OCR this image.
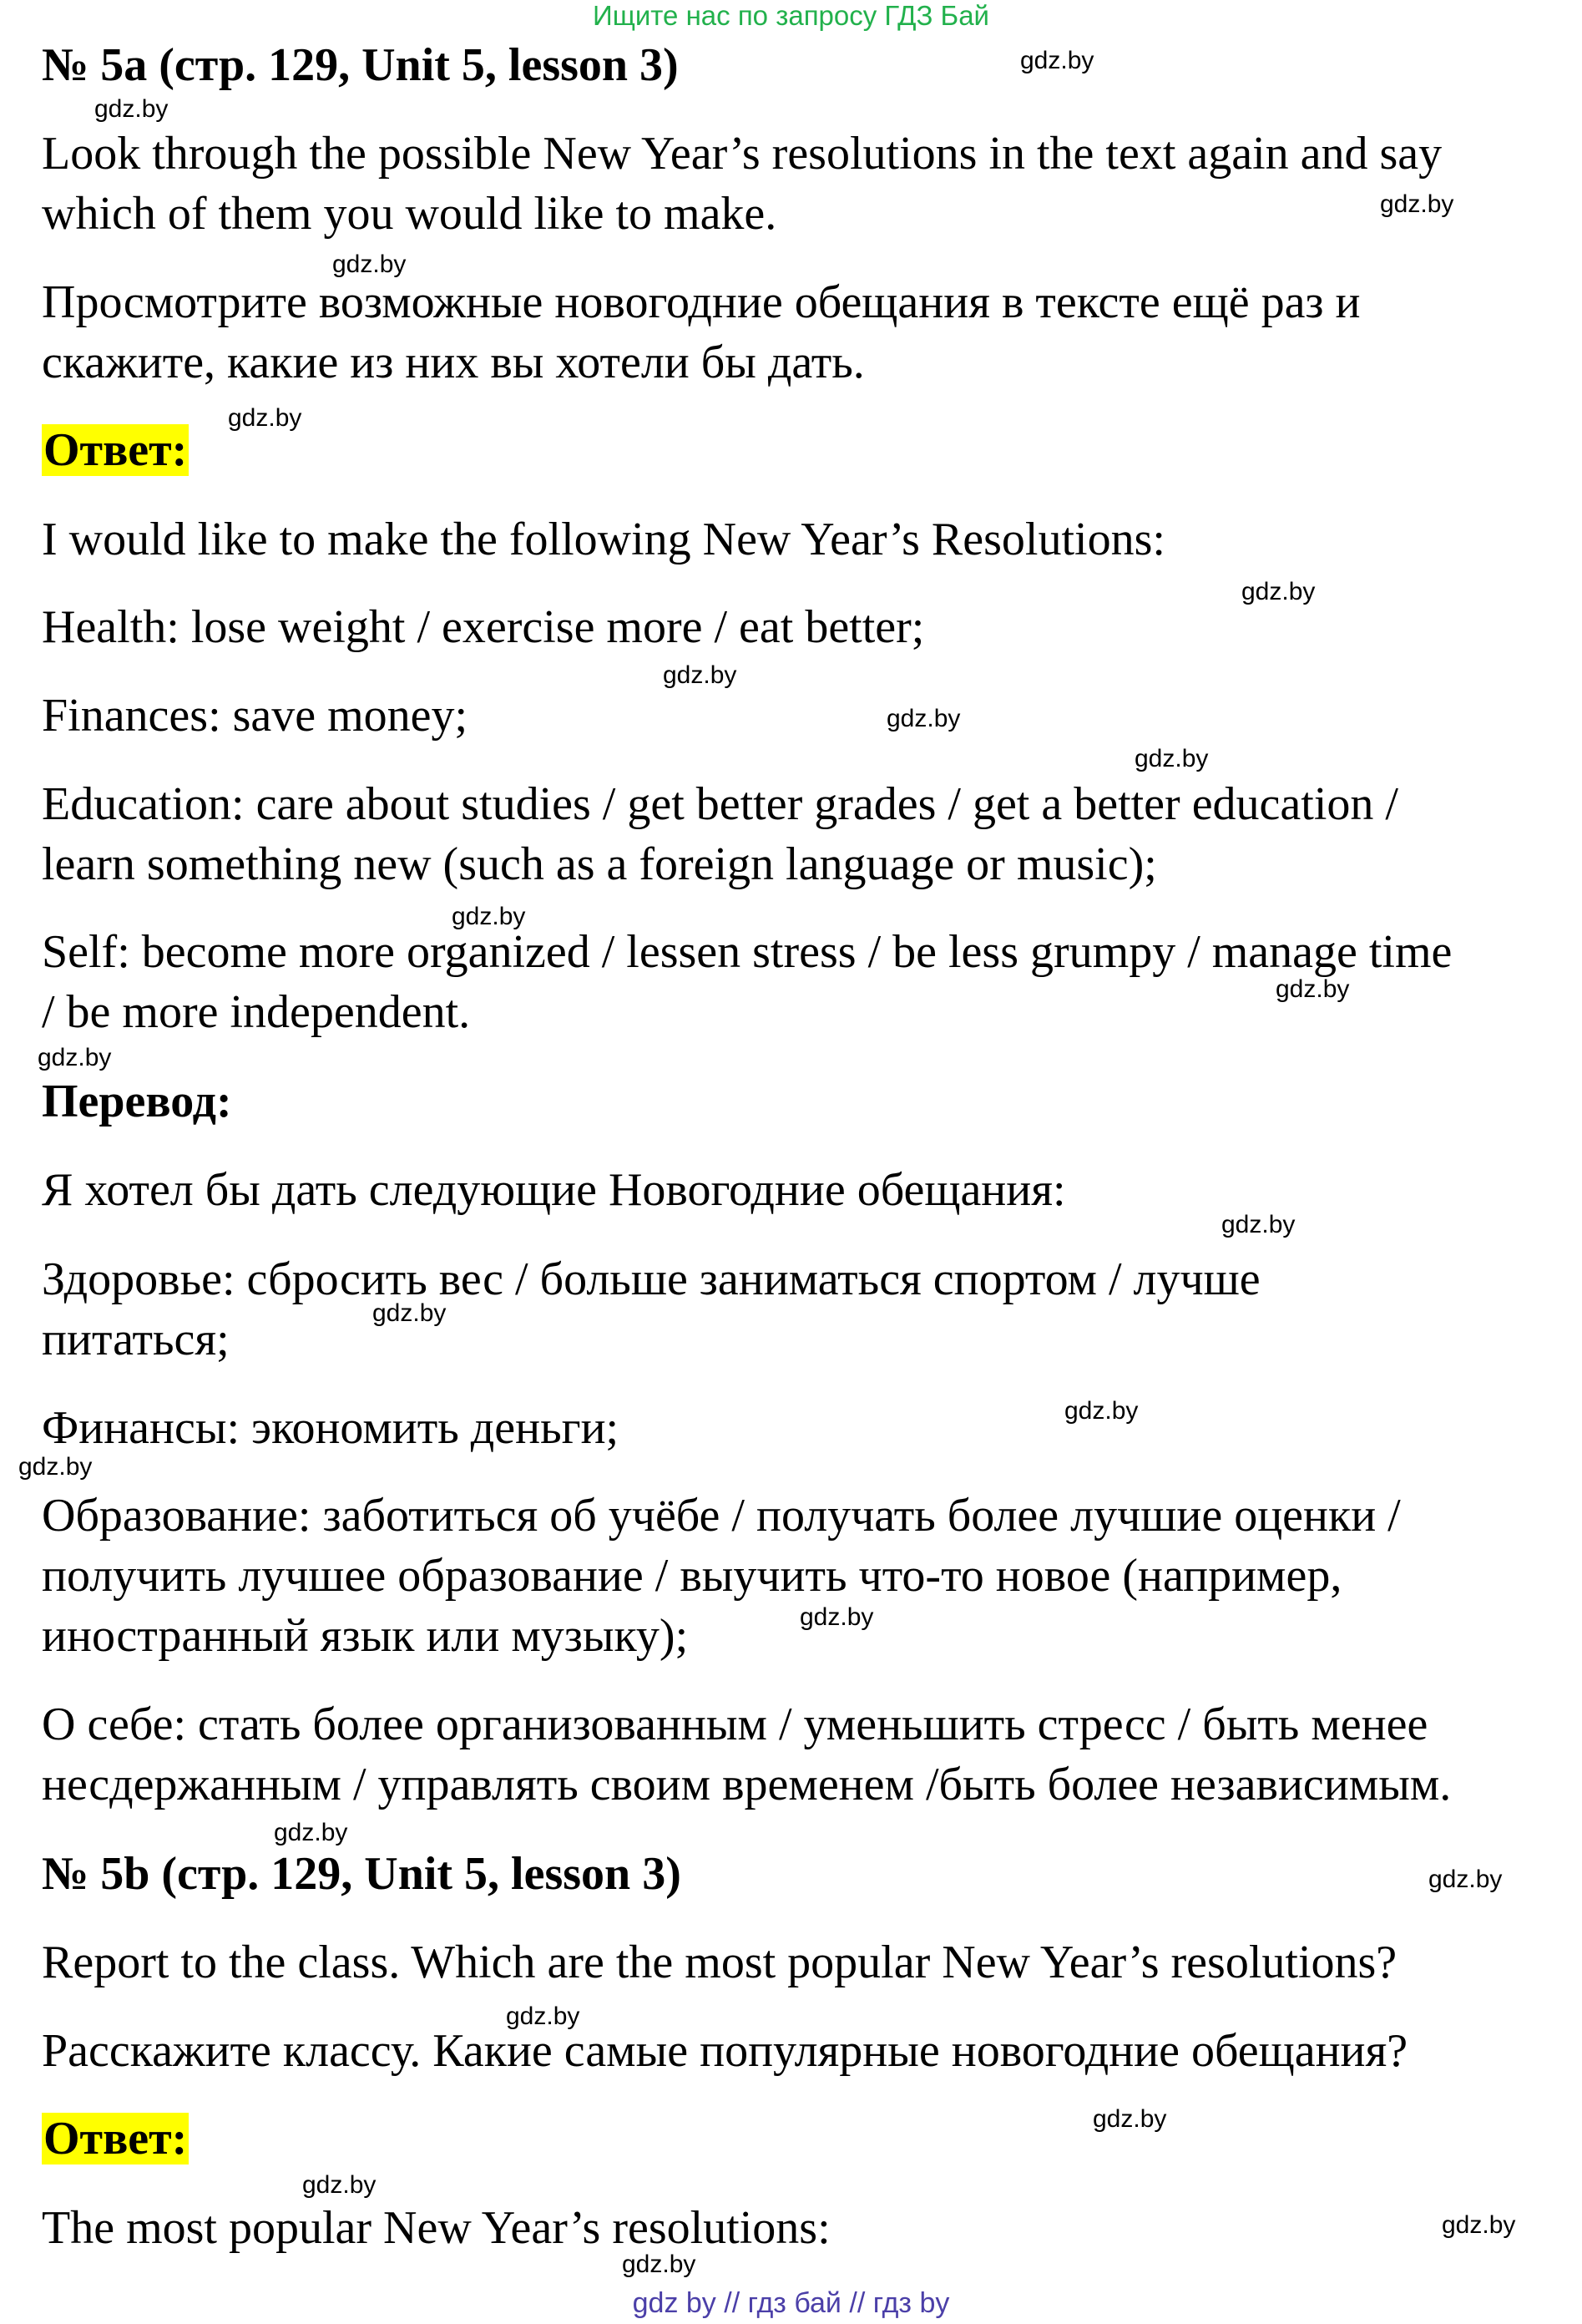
Ищите нас по запросу ГДЗ Бай

№ 5a (стр. 129, Unit 5, lesson 3)

Look through the possible New Year’s resolutions in the text again and say
which of them you would like to make.
Просмотрите возможные новогодние обещания в тексте ещё раз и
скажите, какие из них вы хотели бы дать.
Ответ:

I would like to make the following New Year’s Resolutions:

Health: lose weight / exercise more / eat better;

Finances: save money;

Education: care about studies / get better grades / get a better education /
learn something new (such as a foreign language or music);
Self: become more organized / lessen stress / be less grumpy / manage time
/ be more independent.

Перевод:

Я хотел бы дать следующие Новогодние обещания:

Здоровье: сбросить вес / больше заниматься спортом / лучше
питаться;

Финансы: экономить деньги;

Образование: заботиться об учёбе / получать более лучшие оценки /
получить лучшее образование / выучить что-то новое (например,
иностранный язык или музыку);
О себе: стать более организованным / уменьшить стресс / быть менее
несдержанным / управлять своим временем /быть более независимым.

№ 5b (стр. 129, Unit 5, lesson 3)

Report to the class. Which are the most popular New Year’s resolutions?

Расскажите классу. Какие самые популярные новогодние обещания?

Ответ:

The most popular New Year’s resolutions:

gdz.by
gdz.by
gdz.by
gdz.by
gdz.by
gdz.by
gdz.by
gdz.by
gdz.by
gdz.by
gdz.by
gdz.by
gdz.by
gdz.by
gdz.by
gdz.by
gdz.by
gdz.by
gdz.by
gdz.by
gdz.by
gdz.by
gdz.by
gdz.by
gdz by // гдз бай // гдз by
